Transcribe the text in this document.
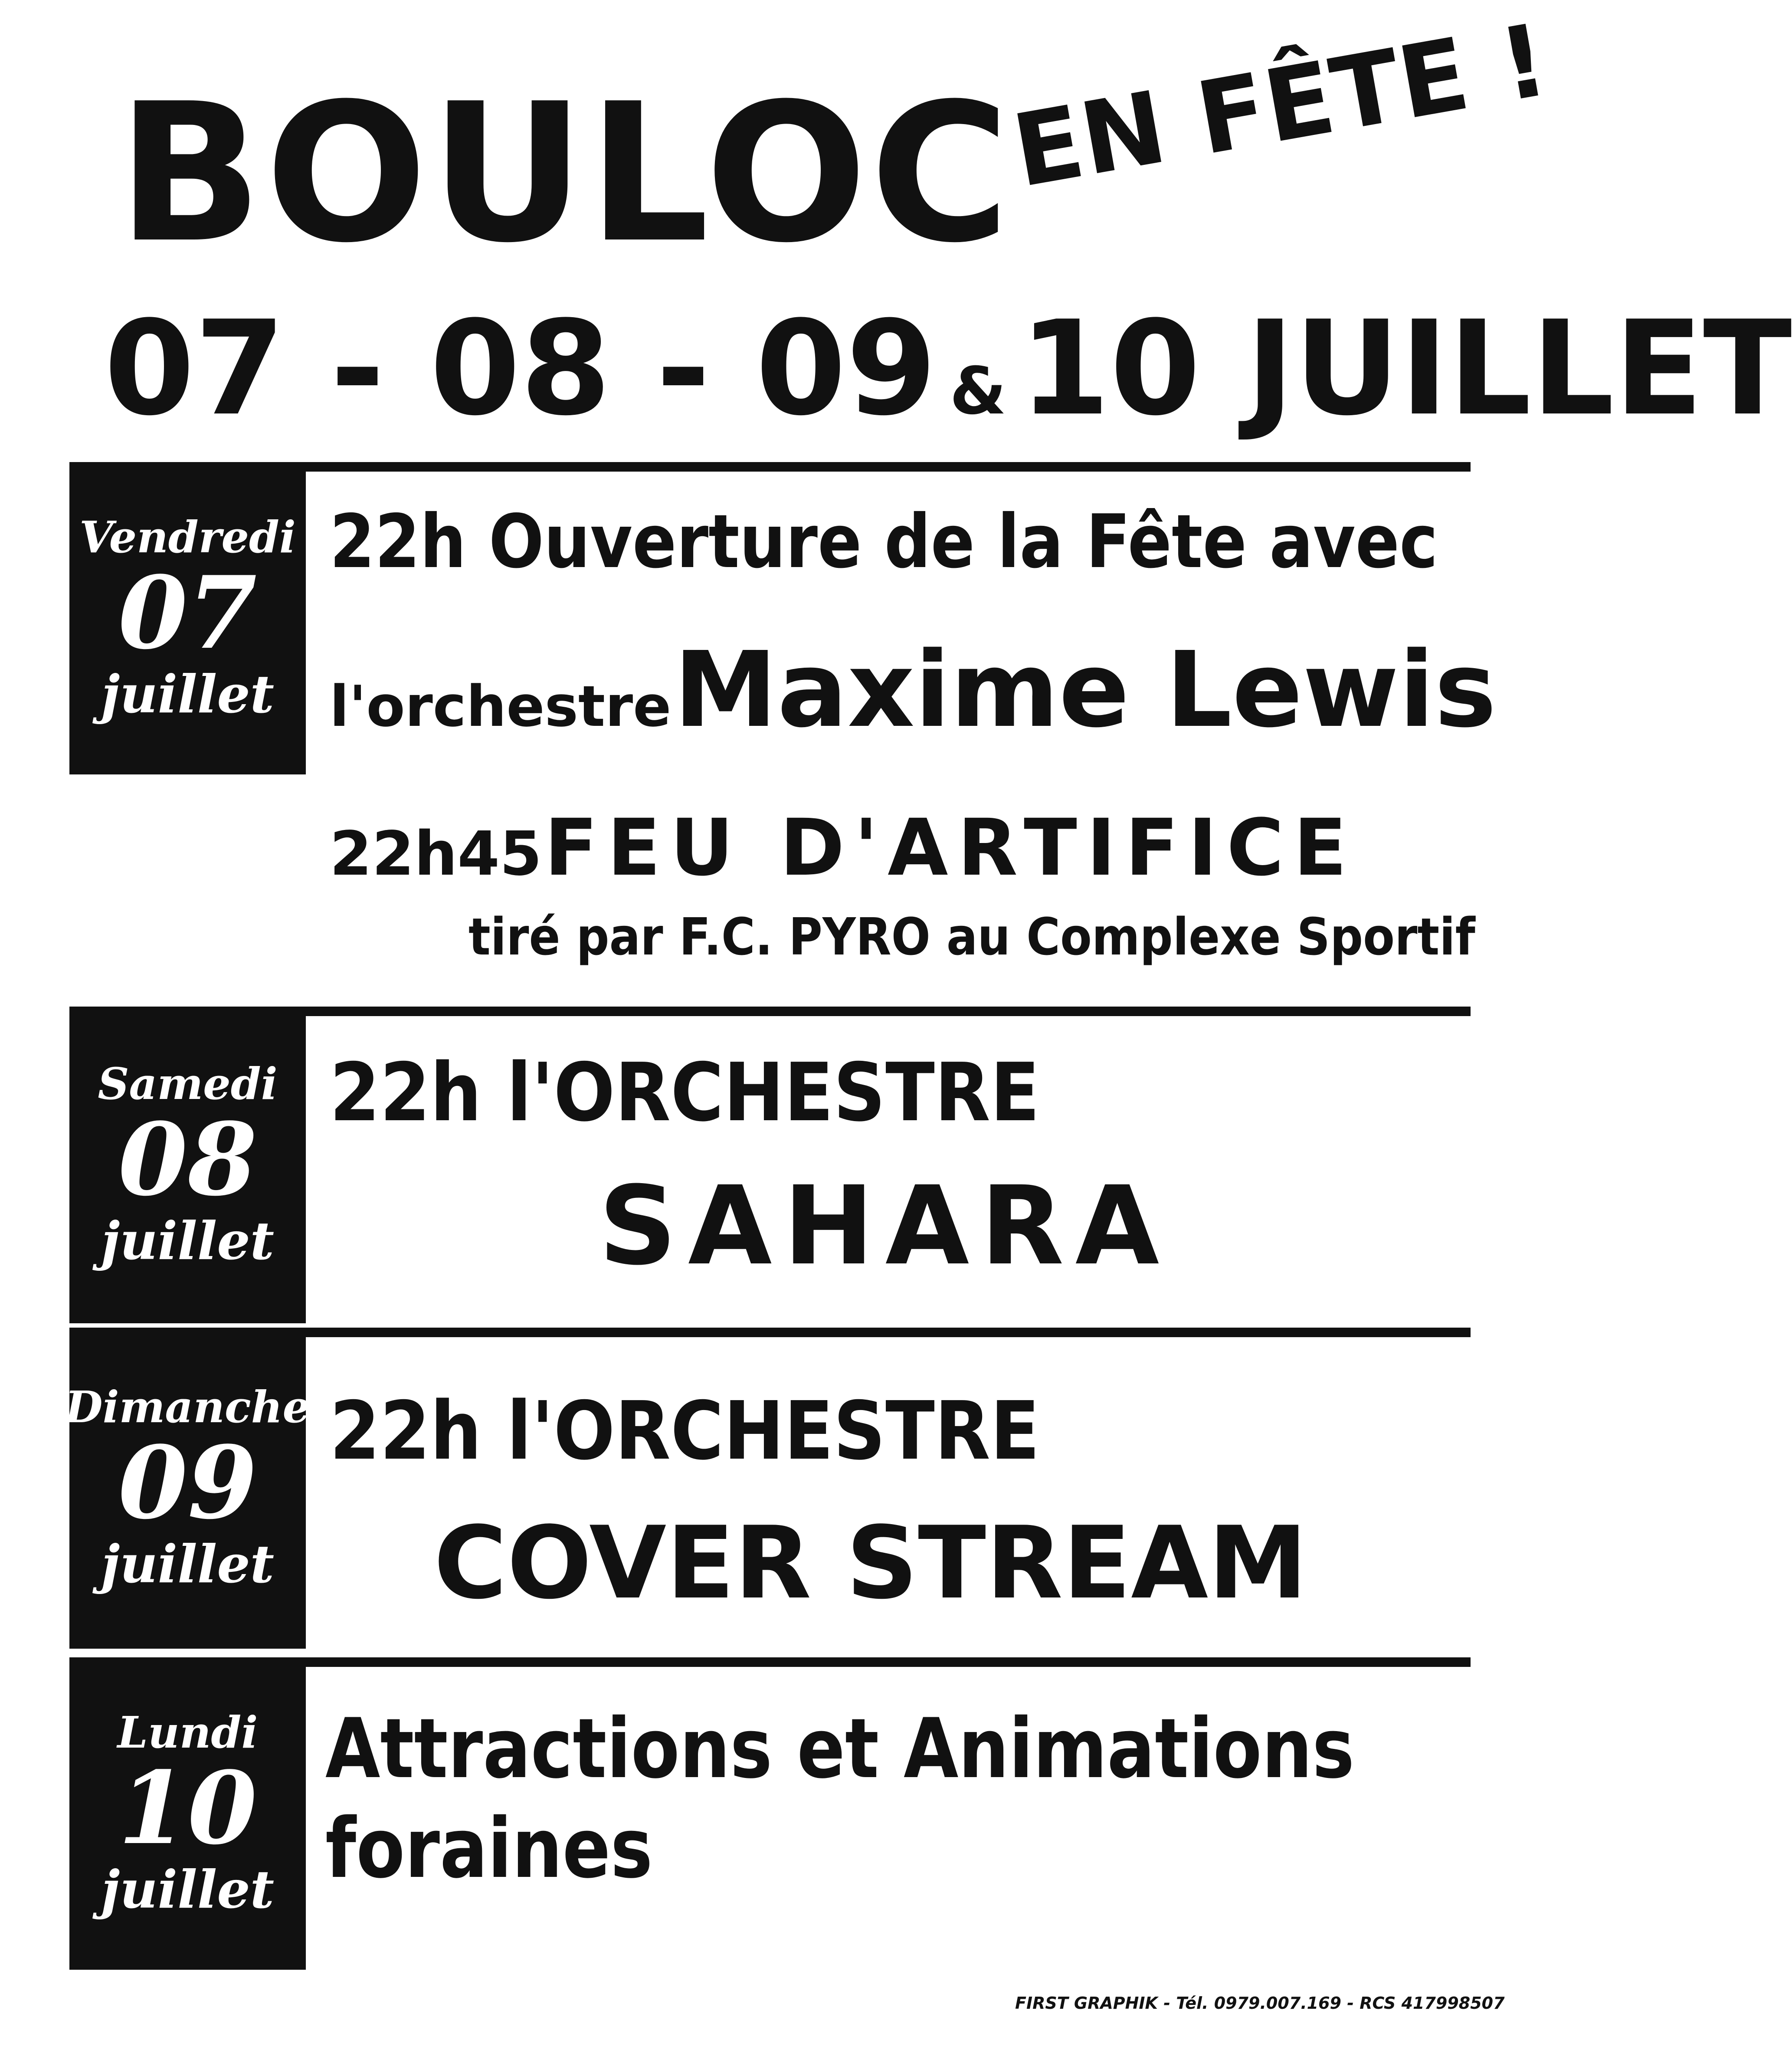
BOULOC
EN FÊTE !
07 - 08 - 09 & 10 JUILLET
Vendredi
07
juillet
22h Ouverture de la Fête avec
l'orchestre Maxime Lewis
22h45 FEU D'ARTIFICE
tiré par F.C. PYRO au Complexe Sportif
Samedi
08
juillet
22h l'ORCHESTRE
SAHARA
Dimanche
09
juillet
22h l'ORCHESTRE
COVER STREAM
Lundi
10
juillet
Attractions et Animations
foraines
FIRST GRAPHIK - Tél. 0979.007.169 - RCS 417998507
